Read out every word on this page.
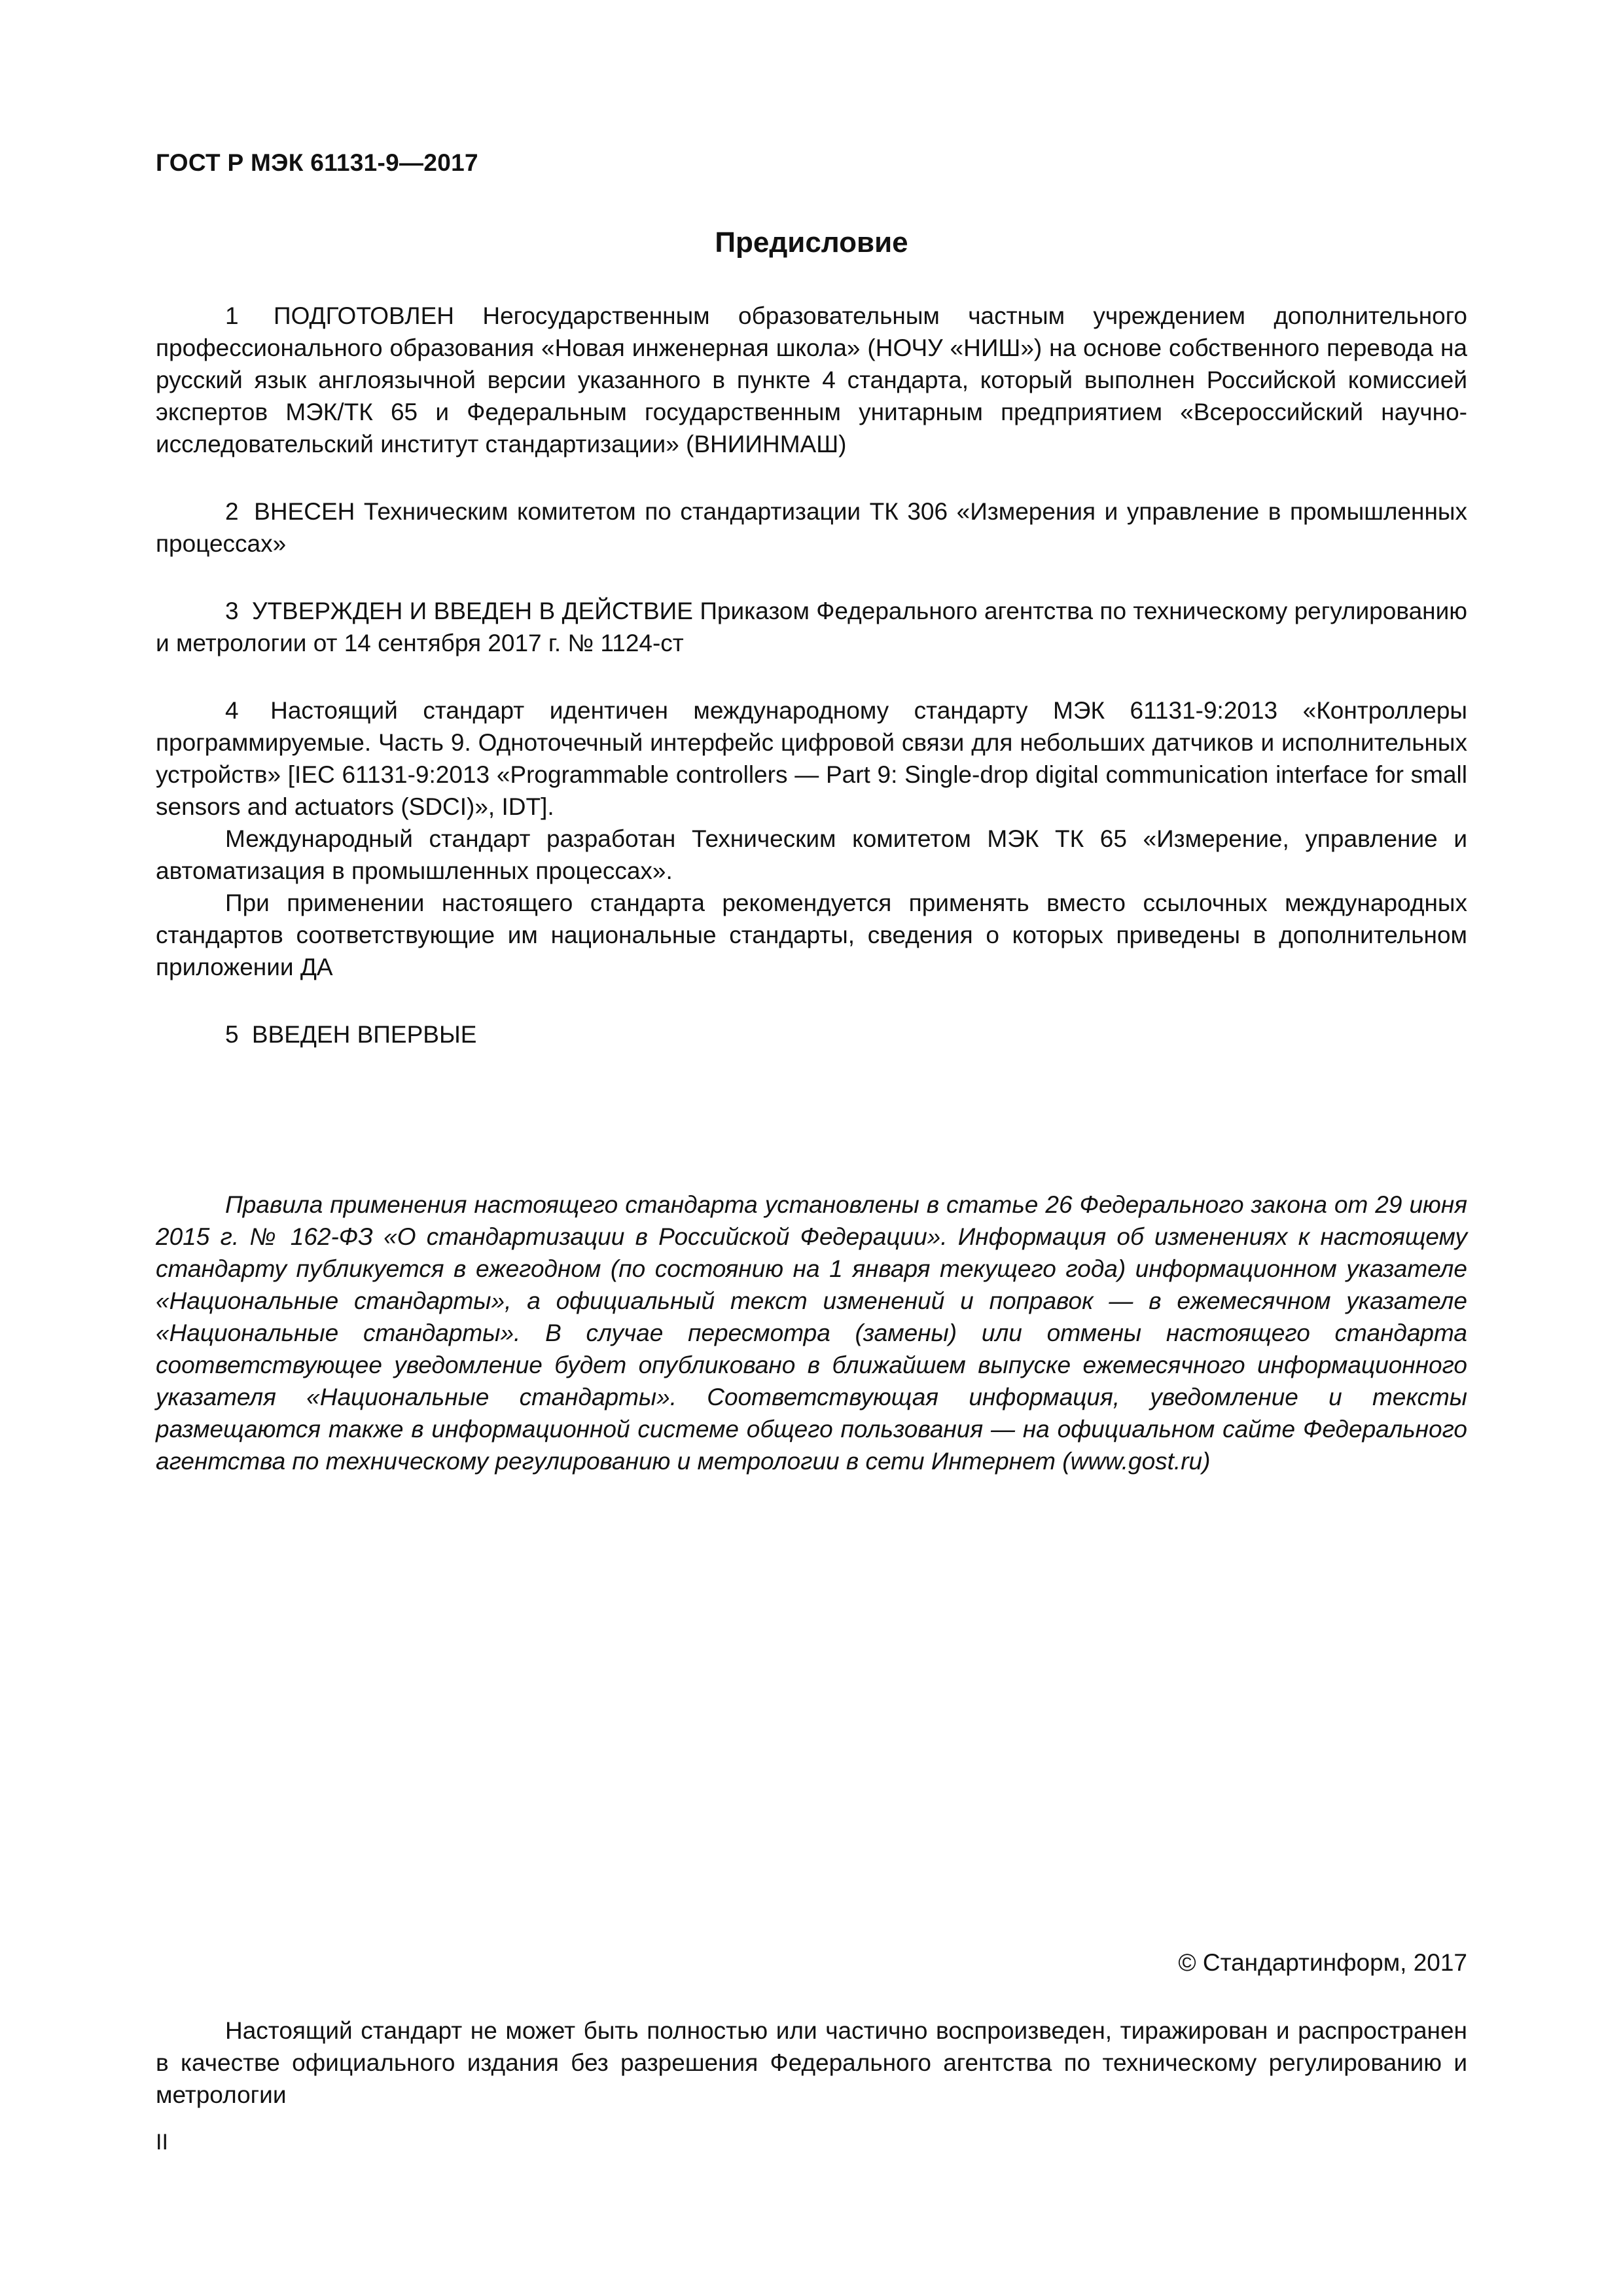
ГОСТ Р МЭК 61131-9—2017
Предисловие

1 ПОДГОТОВЛЕН Негосударственным образовательным частным учреждением дополнительного профессионального образования «Новая инженерная школа» (НОЧУ «НИШ») на основе собственного перевода на русский язык англоязычной версии указанного в пункте 4 стандарта, который выполнен Российской комиссией экспертов МЭК/ТК 65 и Федеральным государственным унитарным предприятием «Всероссийский научно-исследовательский институт стандартизации» (ВНИИНМАШ)

2 ВНЕСЕН Техническим комитетом по стандартизации ТК 306 «Измерения и управление в промышленных процессах»

3 УТВЕРЖДЕН И ВВЕДЕН В ДЕЙСТВИЕ Приказом Федерального агентства по техническому регулированию и метрологии от 14 сентября 2017 г. № 1124-ст

4 Настоящий стандарт идентичен международному стандарту МЭК 61131-9:2013 «Контроллеры программируемые. Часть 9. Одноточечный интерфейс цифровой связи для небольших датчиков и исполнительных устройств» [IEC 61131-9:2013 «Programmable controllers — Part 9: Single-drop digital communication interface for small sensors and actuators (SDCI)», IDT].

Международный стандарт разработан Техническим комитетом МЭК ТК 65 «Измерение, управление и автоматизация в промышленных процессах».

При применении настоящего стандарта рекомендуется применять вместо ссылочных международных стандартов соответствующие им национальные стандарты, сведения о которых приведены в дополнительном приложении ДА

5 ВВЕДЕН ВПЕРВЫЕ

Правила применения настоящего стандарта установлены в статье 26 Федерального закона от 29 июня 2015 г. № 162-ФЗ «О стандартизации в Российской Федерации». Информация об изменениях к настоящему стандарту публикуется в ежегодном (по состоянию на 1 января текущего года) информационном указателе «Национальные стандарты», а официальный текст изменений и поправок — в ежемесячном указателе «Национальные стандарты». В случае пересмотра (замены) или отмены настоящего стандарта соответствующее уведомление будет опубликовано в ближайшем выпуске ежемесячного информационного указателя «Национальные стандарты». Соответствующая информация, уведомление и тексты размещаются также в информационной системе общего пользования — на официальном сайте Федерального агентства по техническому регулированию и метрологии в сети Интернет (www.gost.ru)

© Стандартинформ, 2017

Настоящий стандарт не может быть полностью или частично воспроизведен, тиражирован и распространен в качестве официального издания без разрешения Федерального агентства по техническому регулированию и метрологии

II
